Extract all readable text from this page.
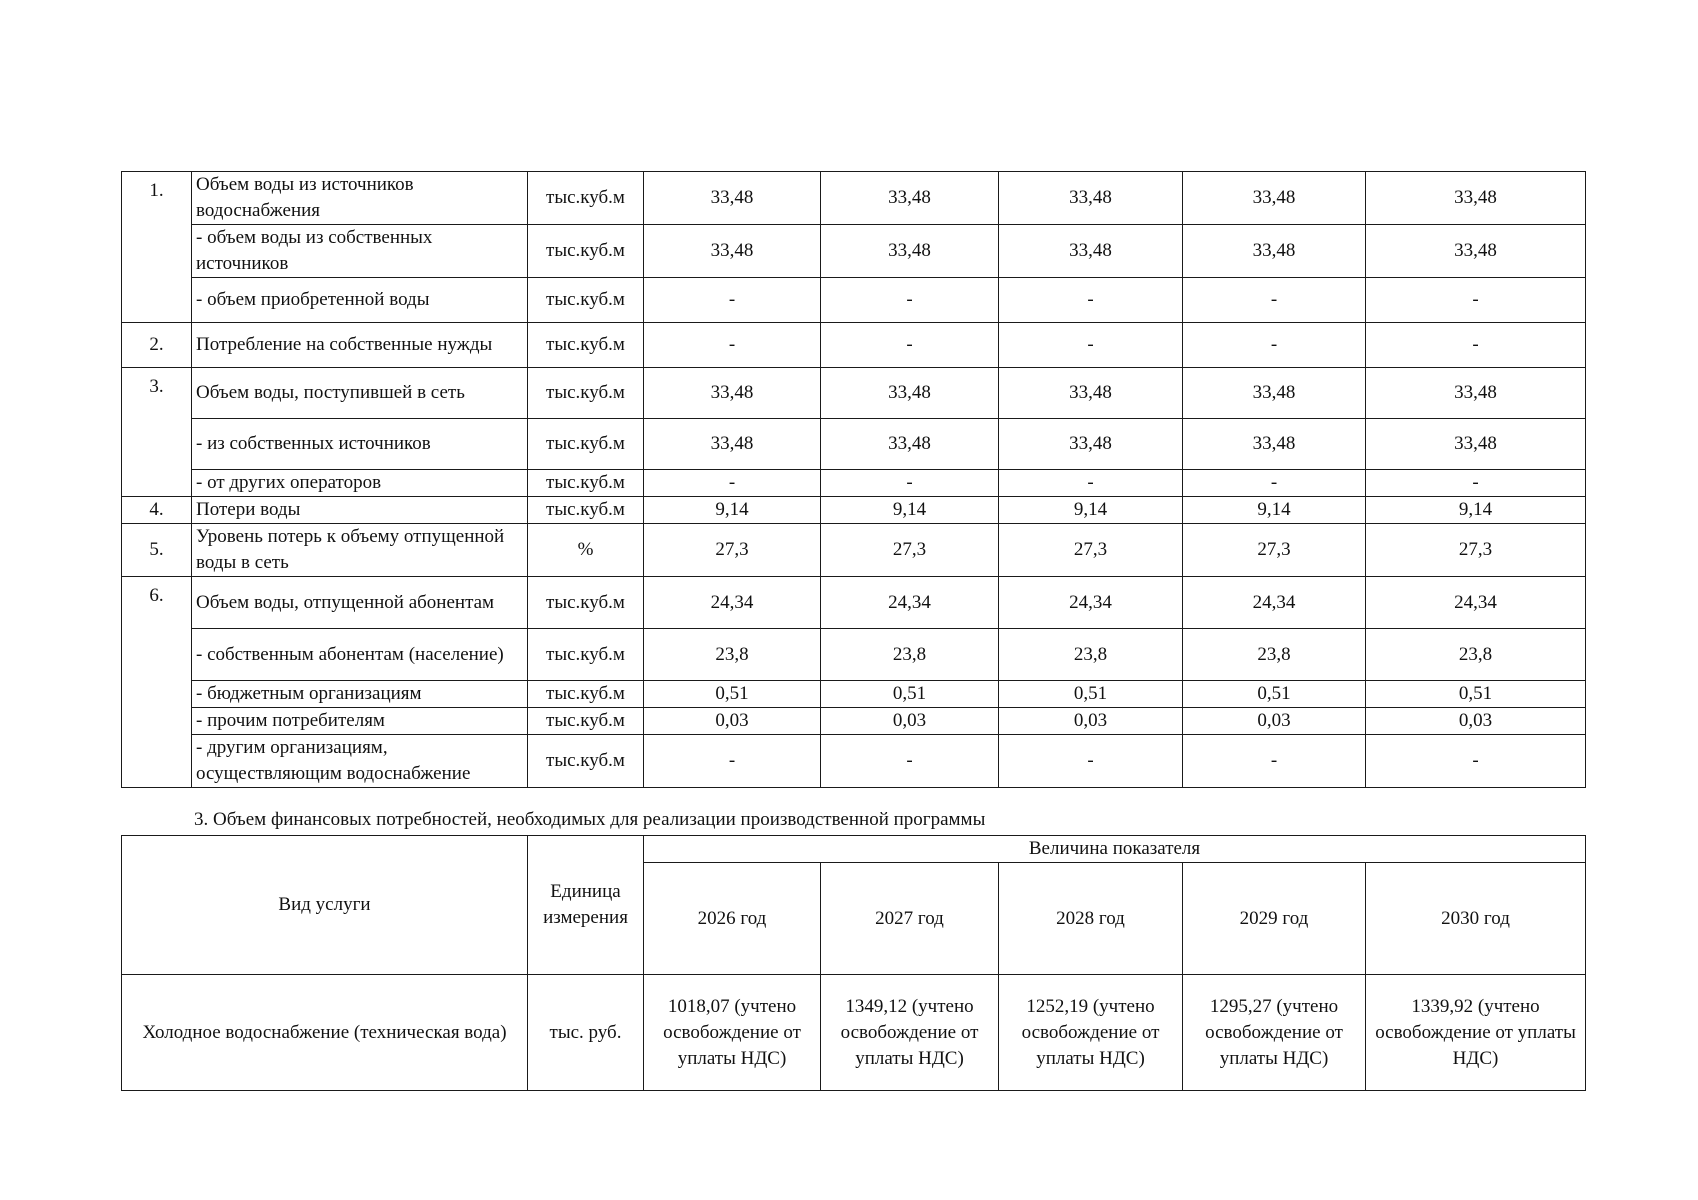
1.	Объем воды из источников водоснабжения	тыс.куб.м	33,48	33,48	33,48	33,48	33,48
	- объем воды из собственных источников	тыс.куб.м	33,48	33,48	33,48	33,48	33,48
	- объем приобретенной воды	тыс.куб.м	-	-	-	-	-
2.	Потребление на собственные нужды	тыс.куб.м	-	-	-	-	-
3.	Объем воды, поступившей в сеть	тыс.куб.м	33,48	33,48	33,48	33,48	33,48
	- из собственных источников	тыс.куб.м	33,48	33,48	33,48	33,48	33,48
	- от других операторов	тыс.куб.м	-	-	-	-	-
4.	Потери воды	тыс.куб.м	9,14	9,14	9,14	9,14	9,14
5.	Уровень потерь к объему отпущенной воды в сеть	%	27,3	27,3	27,3	27,3	27,3
6.	Объем воды, отпущенной абонентам	тыс.куб.м	24,34	24,34	24,34	24,34	24,34
	- собственным абонентам (население)	тыс.куб.м	23,8	23,8	23,8	23,8	23,8
	- бюджетным организациям	тыс.куб.м	0,51	0,51	0,51	0,51	0,51
	- прочим потребителям	тыс.куб.м	0,03	0,03	0,03	0,03	0,03
	- другим организациям, осуществляющим водоснабжение	тыс.куб.м	-	-	-	-	-

3. Объем финансовых потребностей, необходимых для реализации производственной программы

Вид услуги	Единица измерения	Величина показателя				
		2026 год	2027 год	2028 год	2029 год	2030 год
Холодное водоснабжение (техническая вода)	тыс. руб.	1018,07 (учтено освобождение от уплаты НДС)	1349,12 (учтено освобождение от уплаты НДС)	1252,19 (учтено освобождение от уплаты НДС)	1295,27 (учтено освобождение от уплаты НДС)	1339,92 (учтено освобождение от уплаты НДС)
